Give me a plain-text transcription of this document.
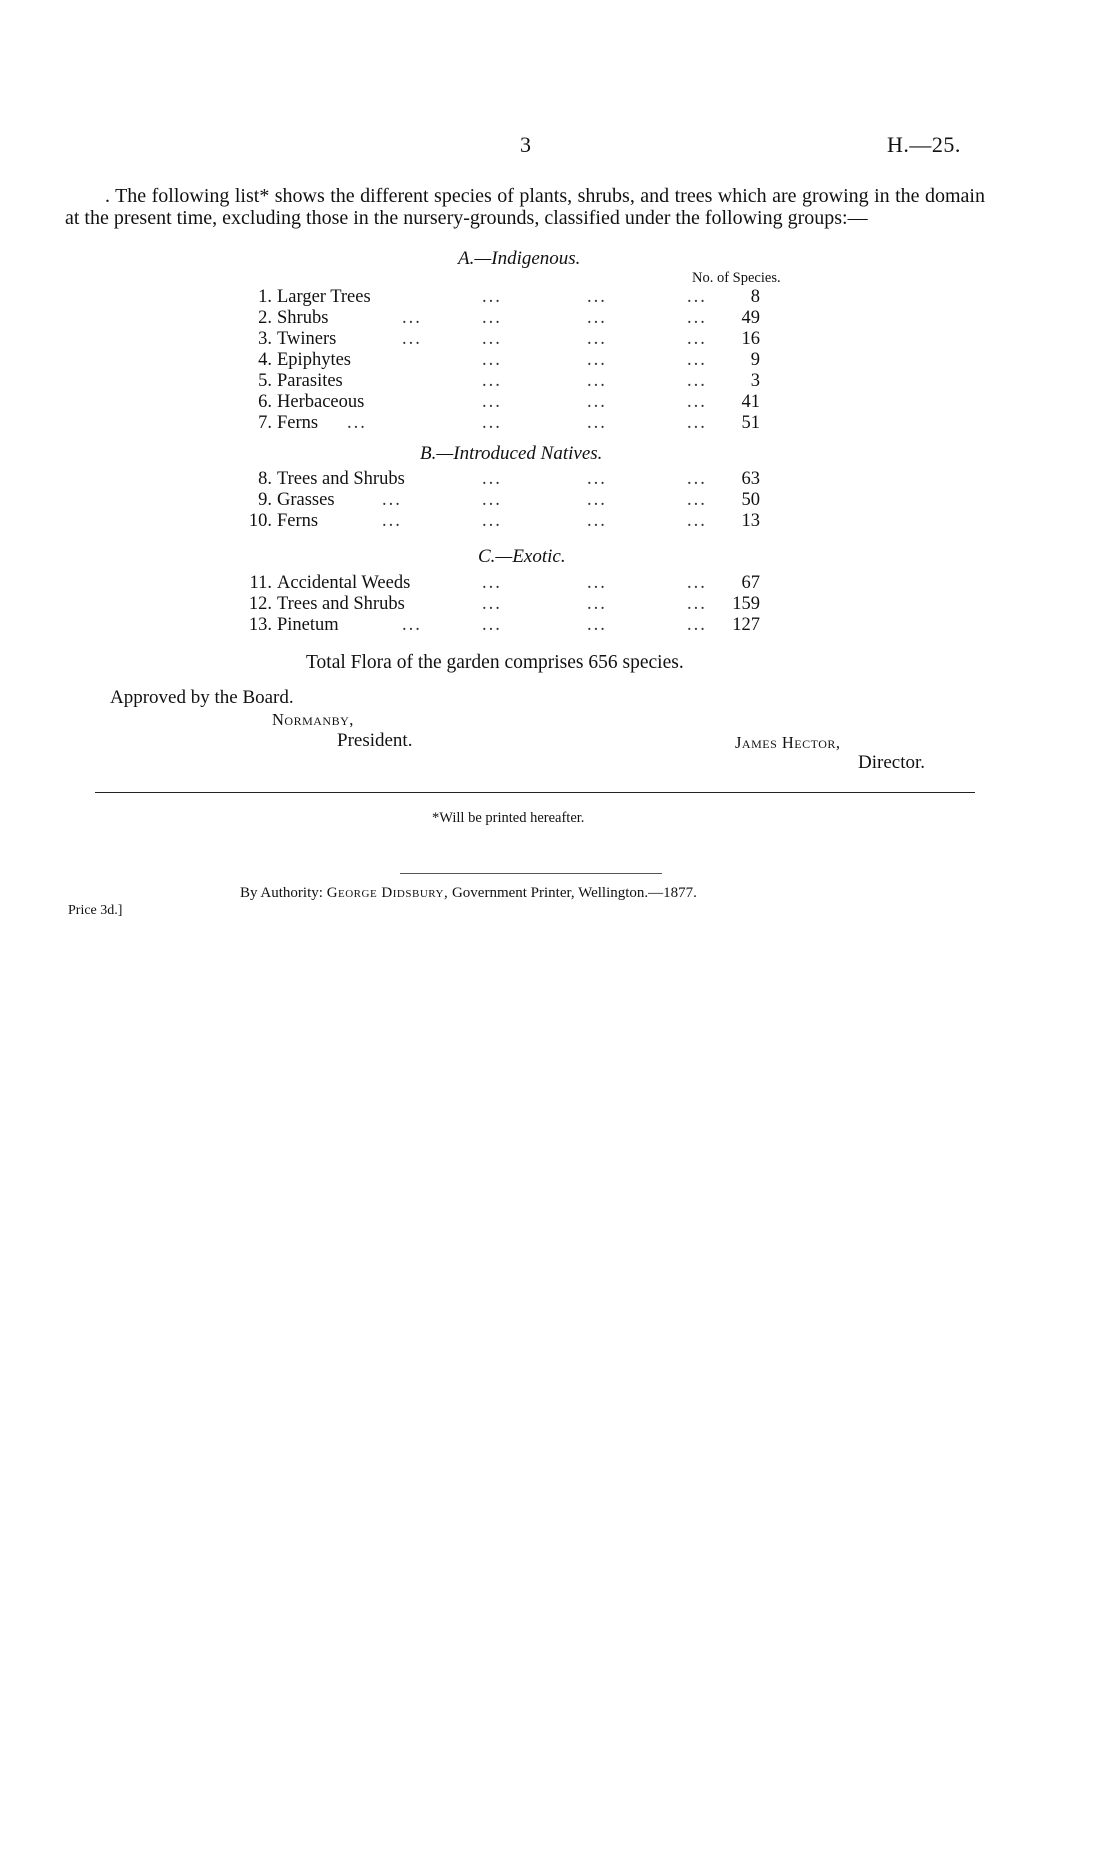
3	H.—25.
. The following list* shows the different species of plants, shrubs, and trees which are growing in the domain at the present time, excluding those in the nursery-grounds, classified under the following groups:—
A.—Indigenous.
No. of Species.
1. Larger Trees	...	...	...	8
2. Shrubs	...	...	...	...	49
3. Twiners	...	...	...	...	16
4. Epiphytes	...	...	...	9
5. Parasites	...	...	...	3
6. Herbaceous	...	...	...	41
7. Ferns ...	...	...	...	51
B.—Introduced Natives.
8. Trees and Shrubs	...	...	...	63
9. Grasses	...	...	...	...	50
10. Ferns	...	...	...	...	13
C.—Exotic.
11. Accidental Weeds	...	...	...	67
12. Trees and Shrubs	...	...	...	159
13. Pinetum	...	...	...	...	127
Total Flora of the garden comprises 656 species.
Approved by the Board.
Normanby,
President.	James Hector,
Director.
*Will be printed hereafter.
By Authority: George Didsbury, Government Printer, Wellington.—1877.
Price 3d.]
